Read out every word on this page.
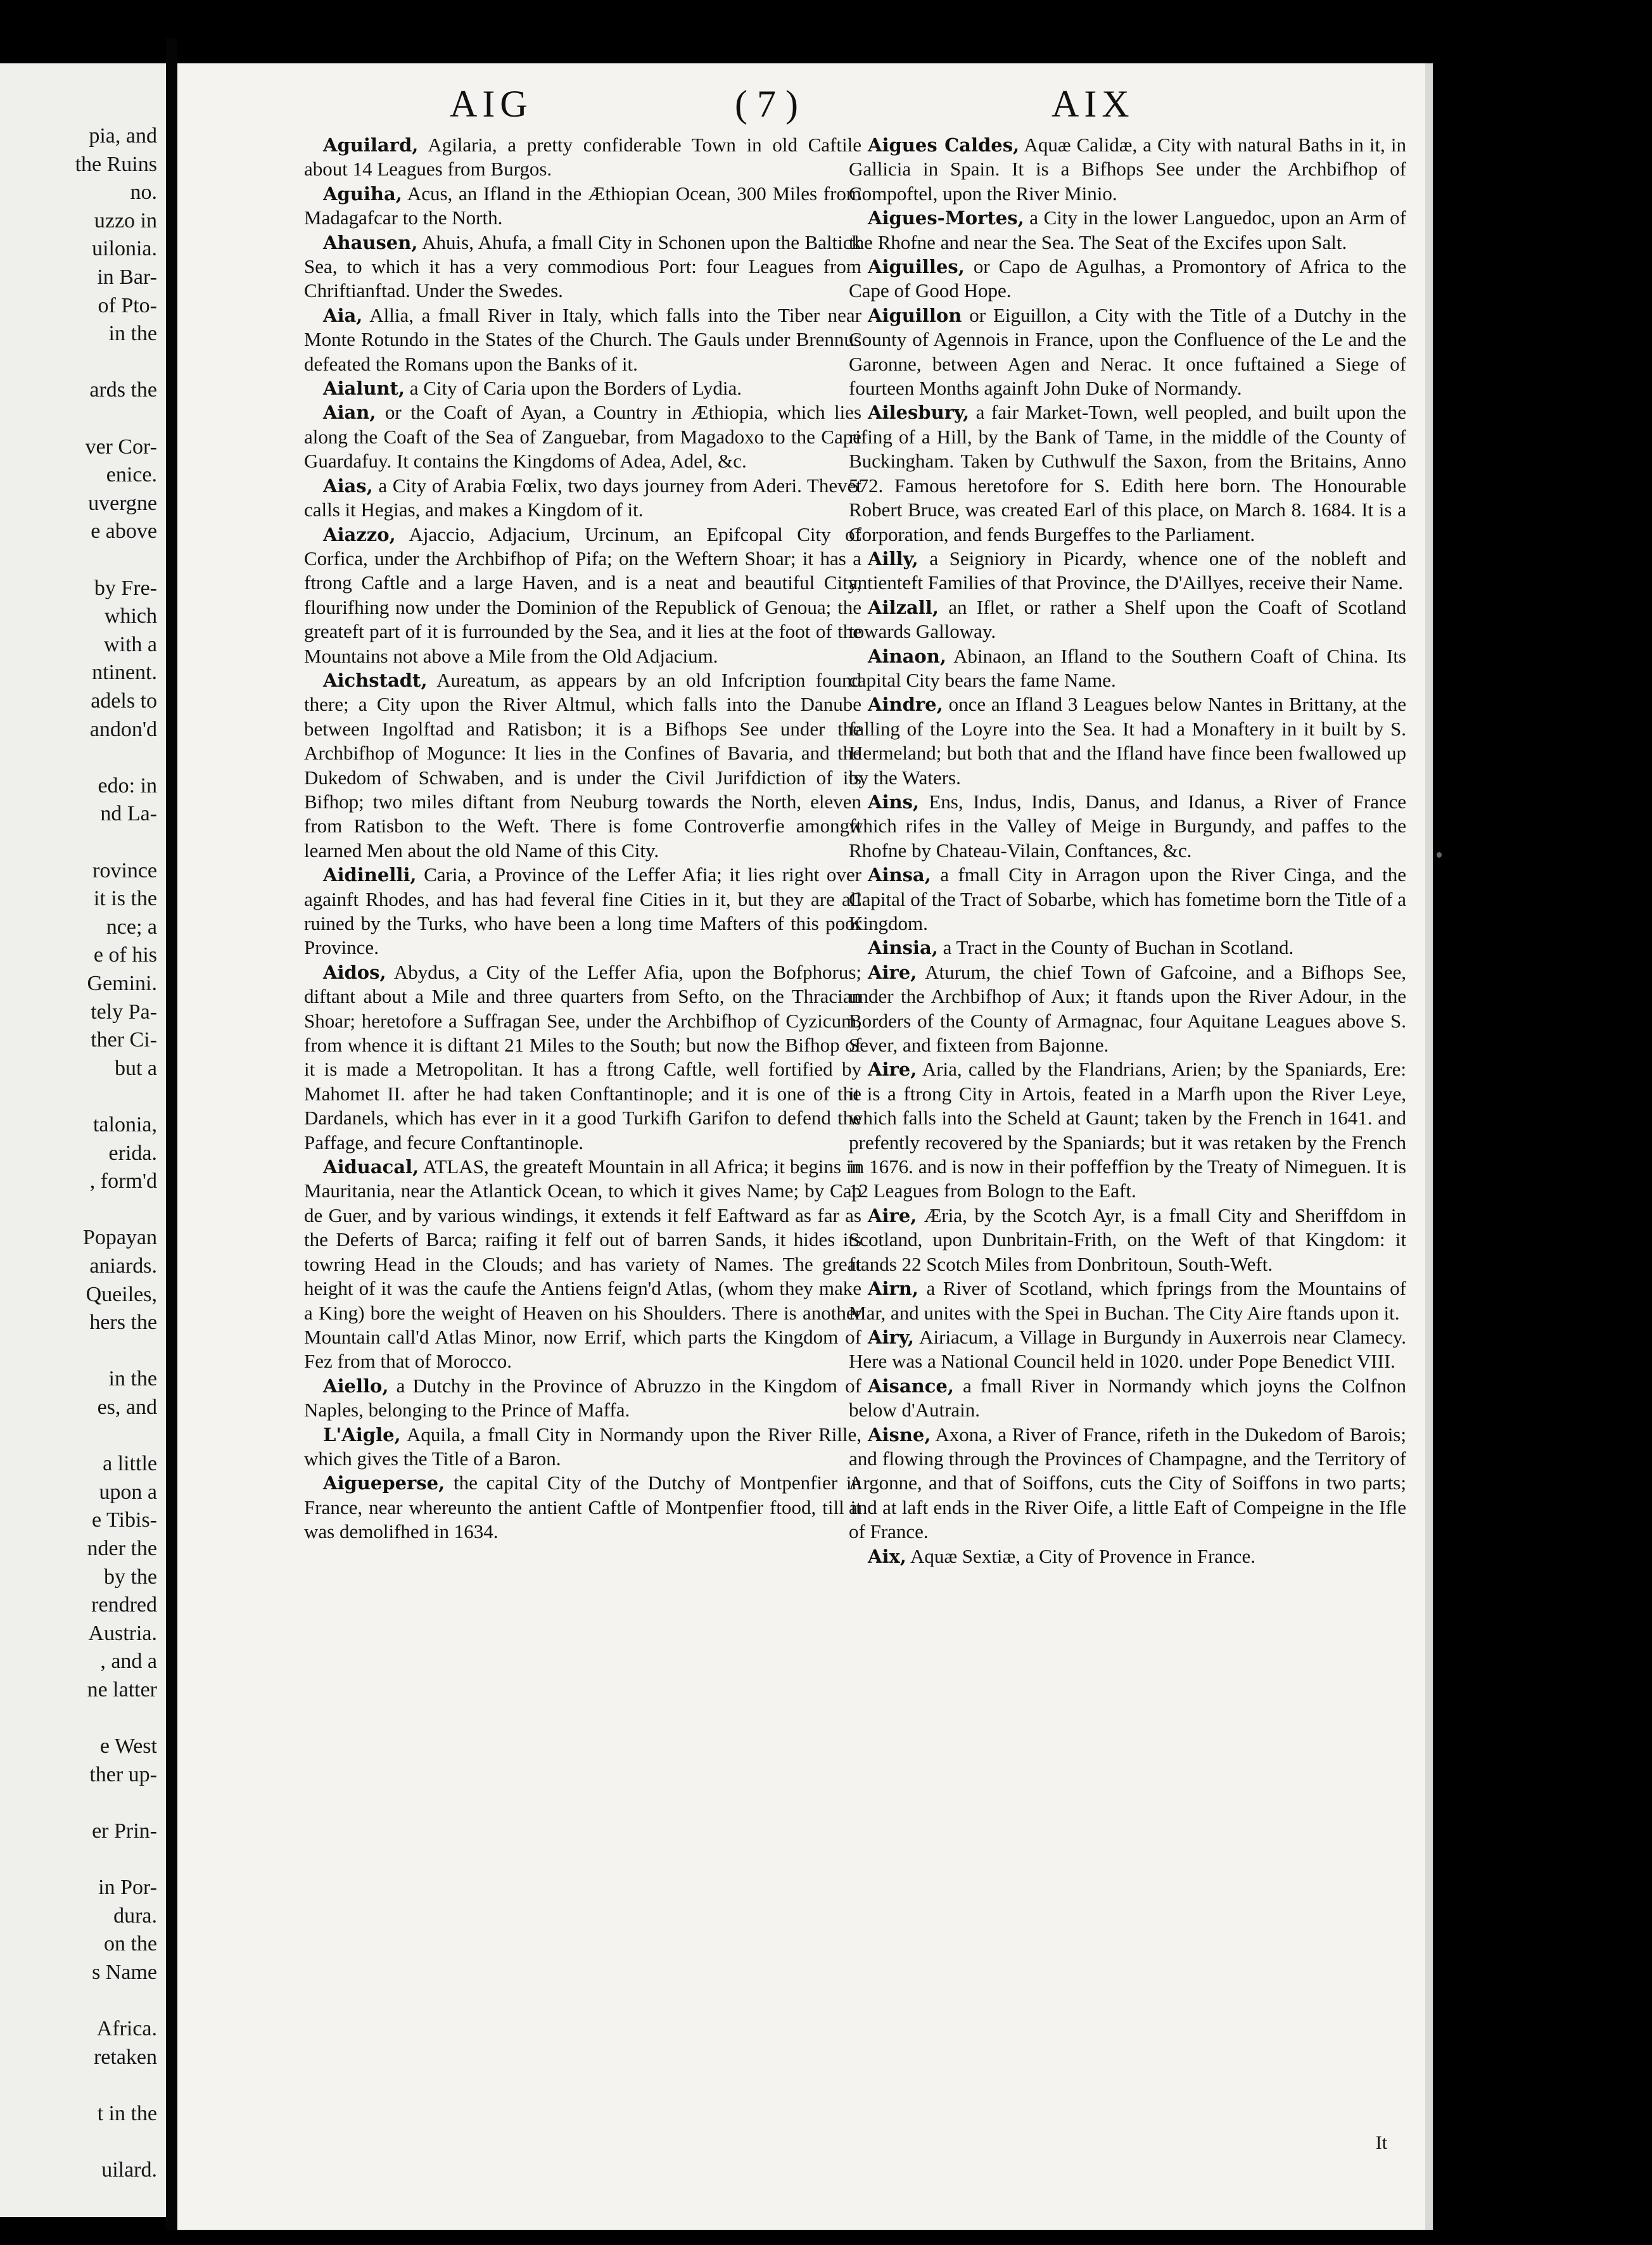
pia, and
the Ruins
no.
uzzo in
uilonia.
in Bar-
of Pto-
in the
ards the
ver Cor-
enice.
uvergne
e above
by Fre-
which
with a
ntinent.
adels to
andon'd
edo: in
nd La-
rovince
it is the
nce; a
e of his
Gemini.
tely Pa-
ther Ci-
but a
talonia,
erida.
, form'd
Popayan
aniards.
Queiles,
hers the
in the
es, and
a little
upon a
e Tibis-
nder the
by the
rendred
Austria.
, and a
ne latter
e West
ther up-
er Prin-
in Por-
dura.
on the
s Name
Africa.
retaken
t in the
uilard.
AIG	( 7 )	AIX

Aguilard, Agilaria, a pretty confiderable Town in old Caftile about 14 Leagues from Burgos.

Aguiha, Acus, an Ifland in the Æthiopian Ocean, 300 Miles from Madagafcar to the North.

Ahausen, Ahuis, Ahufa, a fmall City in Schonen upon the Baltick Sea, to which it has a very commodious Port: four Leagues from Chriftianftad. Under the Swedes.

Aia, Allia, a fmall River in Italy, which falls into the Tiber near Monte Rotundo in the States of the Church. The Gauls under Brennus defeated the Romans upon the Banks of it.

Aialunt, a City of Caria upon the Borders of Lydia.

Aian, or the Coaft of Ayan, a Country in Æthiopia, which lies along the Coaft of the Sea of Zanguebar, from Magadoxo to the Cape Guardafuy. It contains the Kingdoms of Adea, Adel, &c.

Aias, a City of Arabia Fœlix, two days journey from Aderi. Thevet calls it Hegias, and makes a Kingdom of it.

Aiazzo, Ajaccio, Adjacium, Urcinum, an Epifcopal City of Corfica, under the Archbifhop of Pifa; on the Weftern Shoar; it has a ftrong Caftle and a large Haven, and is a neat and beautiful City, flourifhing now under the Dominion of the Republick of Genoua; the greateft part of it is furrounded by the Sea, and it lies at the foot of the Mountains not above a Mile from the Old Adjacium.

Aichstadt, Aureatum, as appears by an old Infcription found there; a City upon the River Altmul, which falls into the Danube between Ingolftad and Ratisbon; it is a Bifhops See under the Archbifhop of Mogunce: It lies in the Confines of Bavaria, and the Dukedom of Schwaben, and is under the Civil Jurifdiction of its Bifhop; two miles diftant from Neuburg towards the North, eleven from Ratisbon to the Weft. There is fome Controverfie amongft learned Men about the old Name of this City.

Aidinelli, Caria, a Province of the Leffer Afia; it lies right over againft Rhodes, and has had feveral fine Cities in it, but they are all ruined by the Turks, who have been a long time Mafters of this poor Province.

Aidos, Abydus, a City of the Leffer Afia, upon the Bofphorus; diftant about a Mile and three quarters from Sefto, on the Thracian Shoar; heretofore a Suffragan See, under the Archbifhop of Cyzicum, from whence it is diftant 21 Miles to the South; but now the Bifhop of it is made a Metropolitan. It has a ftrong Caftle, well fortified by Mahomet II. after he had taken Conftantinople; and it is one of the Dardanels, which has ever in it a good Turkifh Garifon to defend the Paffage, and fecure Conftantinople.

Aiduacal, ATLAS, the greateft Mountain in all Africa; it begins in Mauritania, near the Atlantick Ocean, to which it gives Name; by Cap de Guer, and by various windings, it extends it felf Eaftward as far as the Deferts of Barca; raifing it felf out of barren Sands, it hides its towring Head in the Clouds; and has variety of Names. The great height of it was the caufe the Antiens feign'd Atlas, (whom they make a King) bore the weight of Heaven on his Shoulders. There is another Mountain call'd Atlas Minor, now Errif, which parts the Kingdom of Fez from that of Morocco.

Aiello, a Dutchy in the Province of Abruzzo in the Kingdom of Naples, belonging to the Prince of Maffa.

L'Aigle, Aquila, a fmall City in Normandy upon the River Rille, which gives the Title of a Baron.

Aigueperse, the capital City of the Dutchy of Montpenfier in France, near whereunto the antient Caftle of Montpenfier ftood, till it was demolifhed in 1634.

Aigues Caldes, Aquæ Calidæ, a City with natural Baths in it, in Gallicia in Spain. It is a Bifhops See under the Archbifhop of Compoftel, upon the River Minio.

Aigues-Mortes, a City in the lower Languedoc, upon an Arm of the Rhofne and near the Sea. The Seat of the Excifes upon Salt.

Aiguilles, or Capo de Agulhas, a Promontory of Africa to the Cape of Good Hope.

Aiguillon or Eiguillon, a City with the Title of a Dutchy in the County of Agennois in France, upon the Confluence of the Le and the Garonne, between Agen and Nerac. It once fuftained a Siege of fourteen Months againft John Duke of Normandy.

Ailesbury, a fair Market-Town, well peopled, and built upon the rifing of a Hill, by the Bank of Tame, in the middle of the County of Buckingham. Taken by Cuthwulf the Saxon, from the Britains, Anno 572. Famous heretofore for S. Edith here born. The Honourable Robert Bruce, was created Earl of this place, on March 8. 1684. It is a Corporation, and fends Burgeffes to the Parliament.

Ailly, a Seigniory in Picardy, whence one of the nobleft and antienteft Families of that Province, the D'Aillyes, receive their Name.

Ailzall, an Iflet, or rather a Shelf upon the Coaft of Scotland towards Galloway.

Ainaon, Abinaon, an Ifland to the Southern Coaft of China. Its capital City bears the fame Name.

Aindre, once an Ifland 3 Leagues below Nantes in Brittany, at the falling of the Loyre into the Sea. It had a Monaftery in it built by S. Hermeland; but both that and the Ifland have fince been fwallowed up by the Waters.

Ains, Ens, Indus, Indis, Danus, and Idanus, a River of France which rifes in the Valley of Meige in Burgundy, and paffes to the Rhofne by Chateau-Vilain, Conftances, &c.

Ainsa, a fmall City in Arragon upon the River Cinga, and the Capital of the Tract of Sobarbe, which has fometime born the Title of a Kingdom.

Ainsia, a Tract in the County of Buchan in Scotland.

Aire, Aturum, the chief Town of Gafcoine, and a Bifhops See, under the Archbifhop of Aux; it ftands upon the River Adour, in the Borders of the County of Armagnac, four Aquitane Leagues above S. Sever, and fixteen from Bajonne.

Aire, Aria, called by the Flandrians, Arien; by the Spaniards, Ere: it is a ftrong City in Artois, feated in a Marfh upon the River Leye, which falls into the Scheld at Gaunt; taken by the French in 1641. and prefently recovered by the Spaniards; but it was retaken by the French in 1676. and is now in their poffeffion by the Treaty of Nimeguen. It is 12 Leagues from Bologn to the Eaft.

Aire, Æria, by the Scotch Ayr, is a fmall City and Sheriffdom in Scotland, upon Dunbritain-Frith, on the Weft of that Kingdom: it ftands 22 Scotch Miles from Donbritoun, South-Weft.

Airn, a River of Scotland, which fprings from the Mountains of Mar, and unites with the Spei in Buchan. The City Aire ftands upon it.

Airy, Airiacum, a Village in Burgundy in Auxerrois near Clamecy. Here was a National Council held in 1020. under Pope Benedict VIII.

Aisance, a fmall River in Normandy which joyns the Colfnon below d'Autrain.

Aisne, Axona, a River of France, rifeth in the Dukedom of Barois; and flowing through the Provinces of Champagne, and the Territory of Argonne, and that of Soiffons, cuts the City of Soiffons in two parts; and at laft ends in the River Oife, a little Eaft of Compeigne in the Ifle of France.

Aix, Aquæ Sextiæ, a City of Provence in France.

It
